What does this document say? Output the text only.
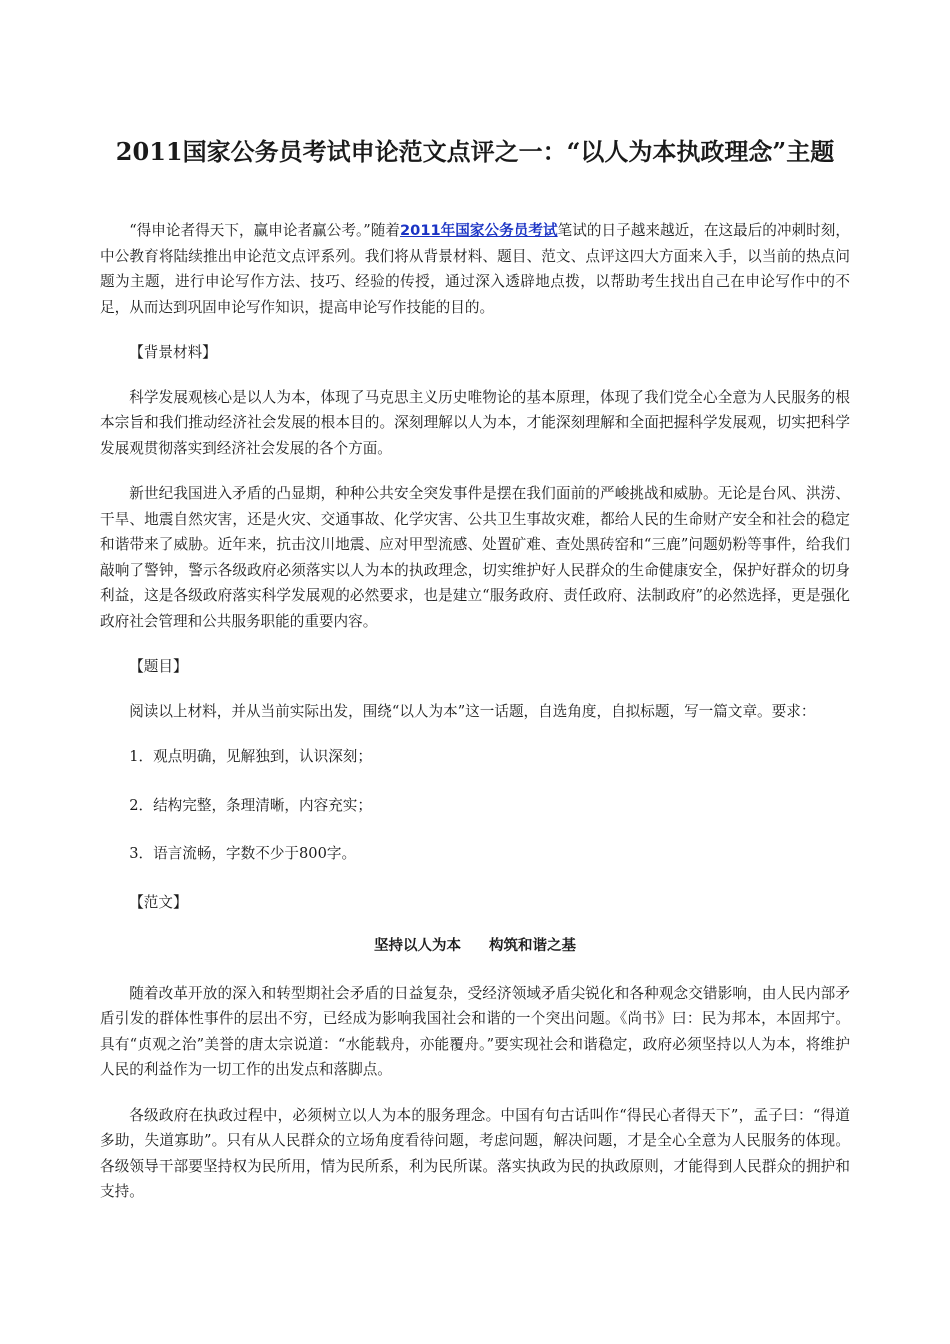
2011国家公务员考试申论范文点评之一：“以人为本执政理念”主题

“得申论者得天下，赢申论者赢公考。”随着2011年国家公务员考试笔试的日子越来越近，在这最后的冲刺时刻，中公教育将陆续推出申论范文点评系列。我们将从背景材料、题目、范文、点评这四大方面来入手，以当前的热点问题为主题，进行申论写作方法、技巧、经验的传授，通过深入透辟地点拨，以帮助考生找出自己在申论写作中的不足，从而达到巩固申论写作知识，提高申论写作技能的目的。

【背景材料】

科学发展观核心是以人为本，体现了马克思主义历史唯物论的基本原理，体现了我们党全心全意为人民服务的根本宗旨和我们推动经济社会发展的根本目的。深刻理解以人为本，才能深刻理解和全面把握科学发展观，切实把科学发展观贯彻落实到经济社会发展的各个方面。

新世纪我国进入矛盾的凸显期，种种公共安全突发事件是摆在我们面前的严峻挑战和威胁。无论是台风、洪涝、干旱、地震自然灾害，还是火灾、交通事故、化学灾害、公共卫生事故灾难，都给人民的生命财产安全和社会的稳定和谐带来了威胁。近年来，抗击汶川地震、应对甲型流感、处置矿难、查处黑砖窑和“三鹿”问题奶粉等事件，给我们敲响了警钟，警示各级政府必须落实以人为本的执政理念，切实维护好人民群众的生命健康安全，保护好群众的切身利益，这是各级政府落实科学发展观的必然要求，也是建立“服务政府、责任政府、法制政府”的必然选择，更是强化政府社会管理和公共服务职能的重要内容。

【题目】

阅读以上材料，并从当前实际出发，围绕“以人为本”这一话题，自选角度，自拟标题，写一篇文章。要求：

1．观点明确，见解独到，认识深刻；

2．结构完整，条理清晰，内容充实；

3．语言流畅，字数不少于800字。

【范文】

坚持以人为本 构筑和谐之基

随着改革开放的深入和转型期社会矛盾的日益复杂，受经济领域矛盾尖锐化和各种观念交错影响，由人民内部矛盾引发的群体性事件的层出不穷，已经成为影响我国社会和谐的一个突出问题。《尚书》曰：民为邦本，本固邦宁。具有“贞观之治”美誉的唐太宗说道：“水能载舟，亦能覆舟。”要实现社会和谐稳定，政府必须坚持以人为本，将维护人民的利益作为一切工作的出发点和落脚点。

各级政府在执政过程中，必须树立以人为本的服务理念。中国有句古话叫作“得民心者得天下”，孟子曰：“得道多助，失道寡助”。只有从人民群众的立场角度看待问题，考虑问题，解决问题，才是全心全意为人民服务的体现。各级领导干部要坚持权为民所用，情为民所系，利为民所谋。落实执政为民的执政原则，才能得到人民群众的拥护和支持。
